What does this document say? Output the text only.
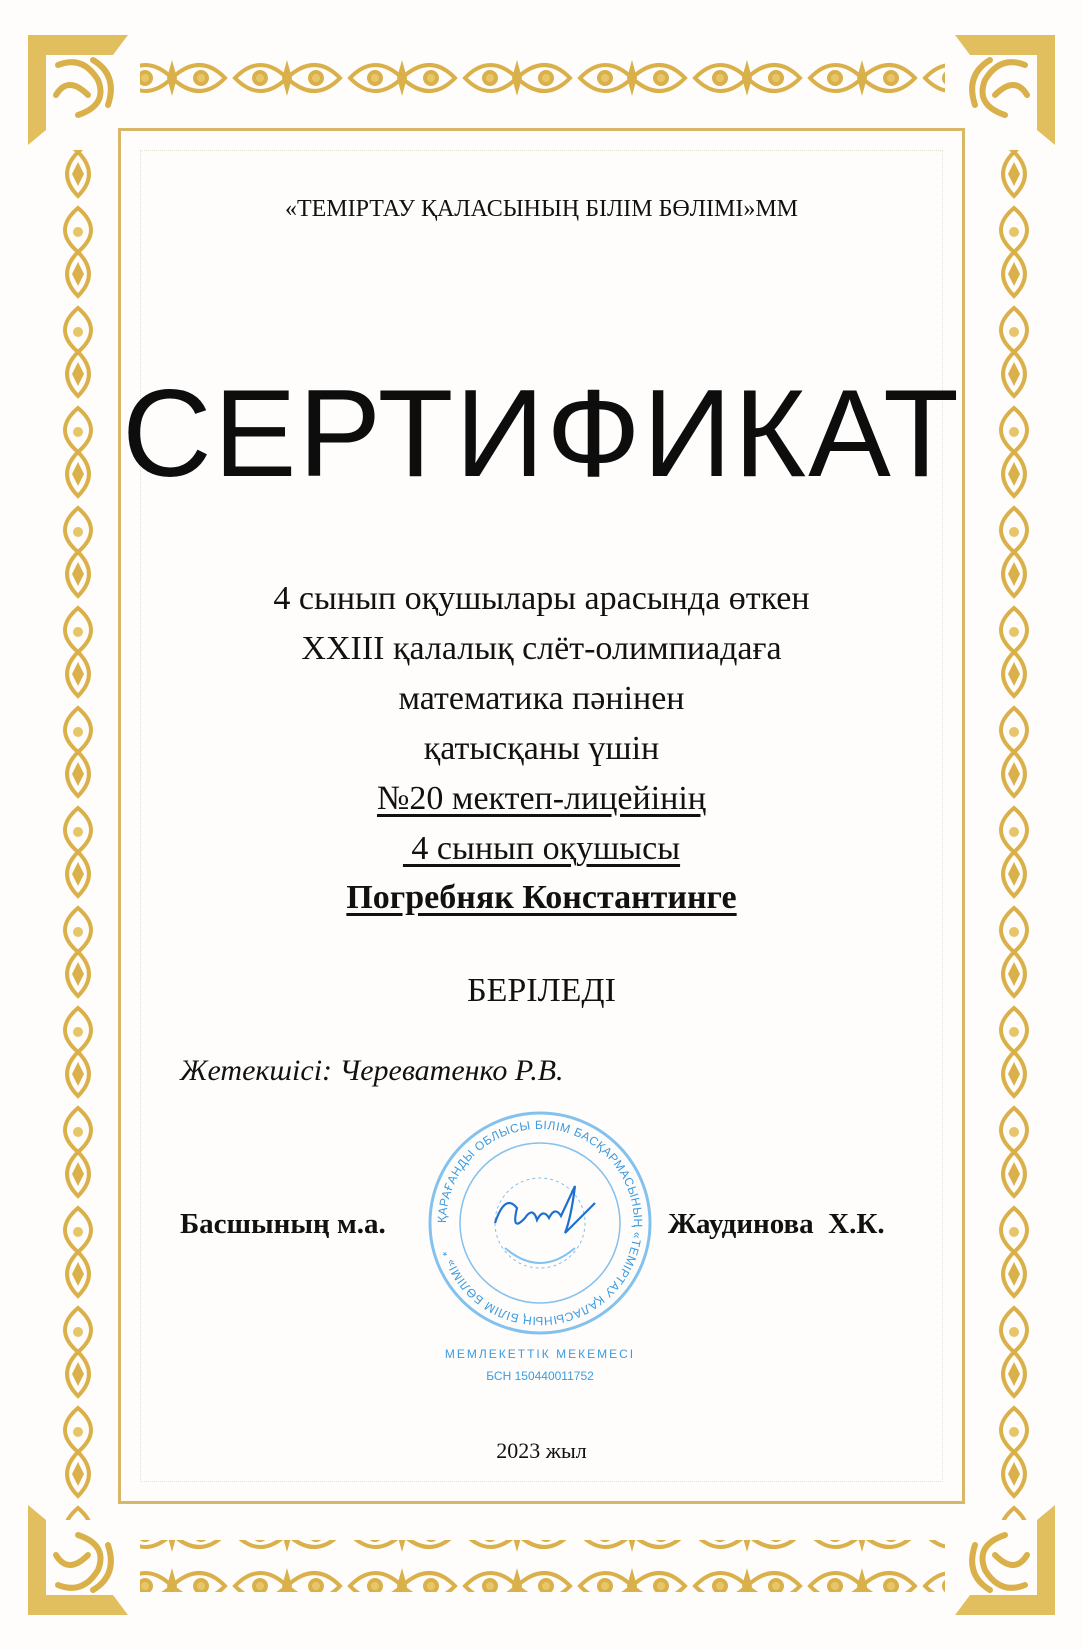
«ТЕМІРТАУ ҚАЛАСЫНЫҢ БІЛІМ БӨЛІМІ»ММ
СЕРТИФИКАТ
4 сынып оқушылары арасында өткен
XXIII қалалық слёт-олимпиадаға
математика пәнінен
қатысқаны үшін
№20 мектеп-лицейінің
4 сынып оқушысы
Погребняк Константинге
БЕРІЛЕДІ
Жетекшісі: Череватенко Р.В.
ҚАРАҒАНДЫ ОБЛЫСЫ БІЛІМ БАСҚАРМАСЫНЫҢ «ТЕМІРТАУ ҚАЛАСЫНЫҢ БІЛІМ БӨЛІМІ» *
МЕМЛЕКЕТТІК МЕКЕМЕСІ
БСН 150440011752
Басшының м.а.	Жаудинова  Х.К.
2023 жыл
